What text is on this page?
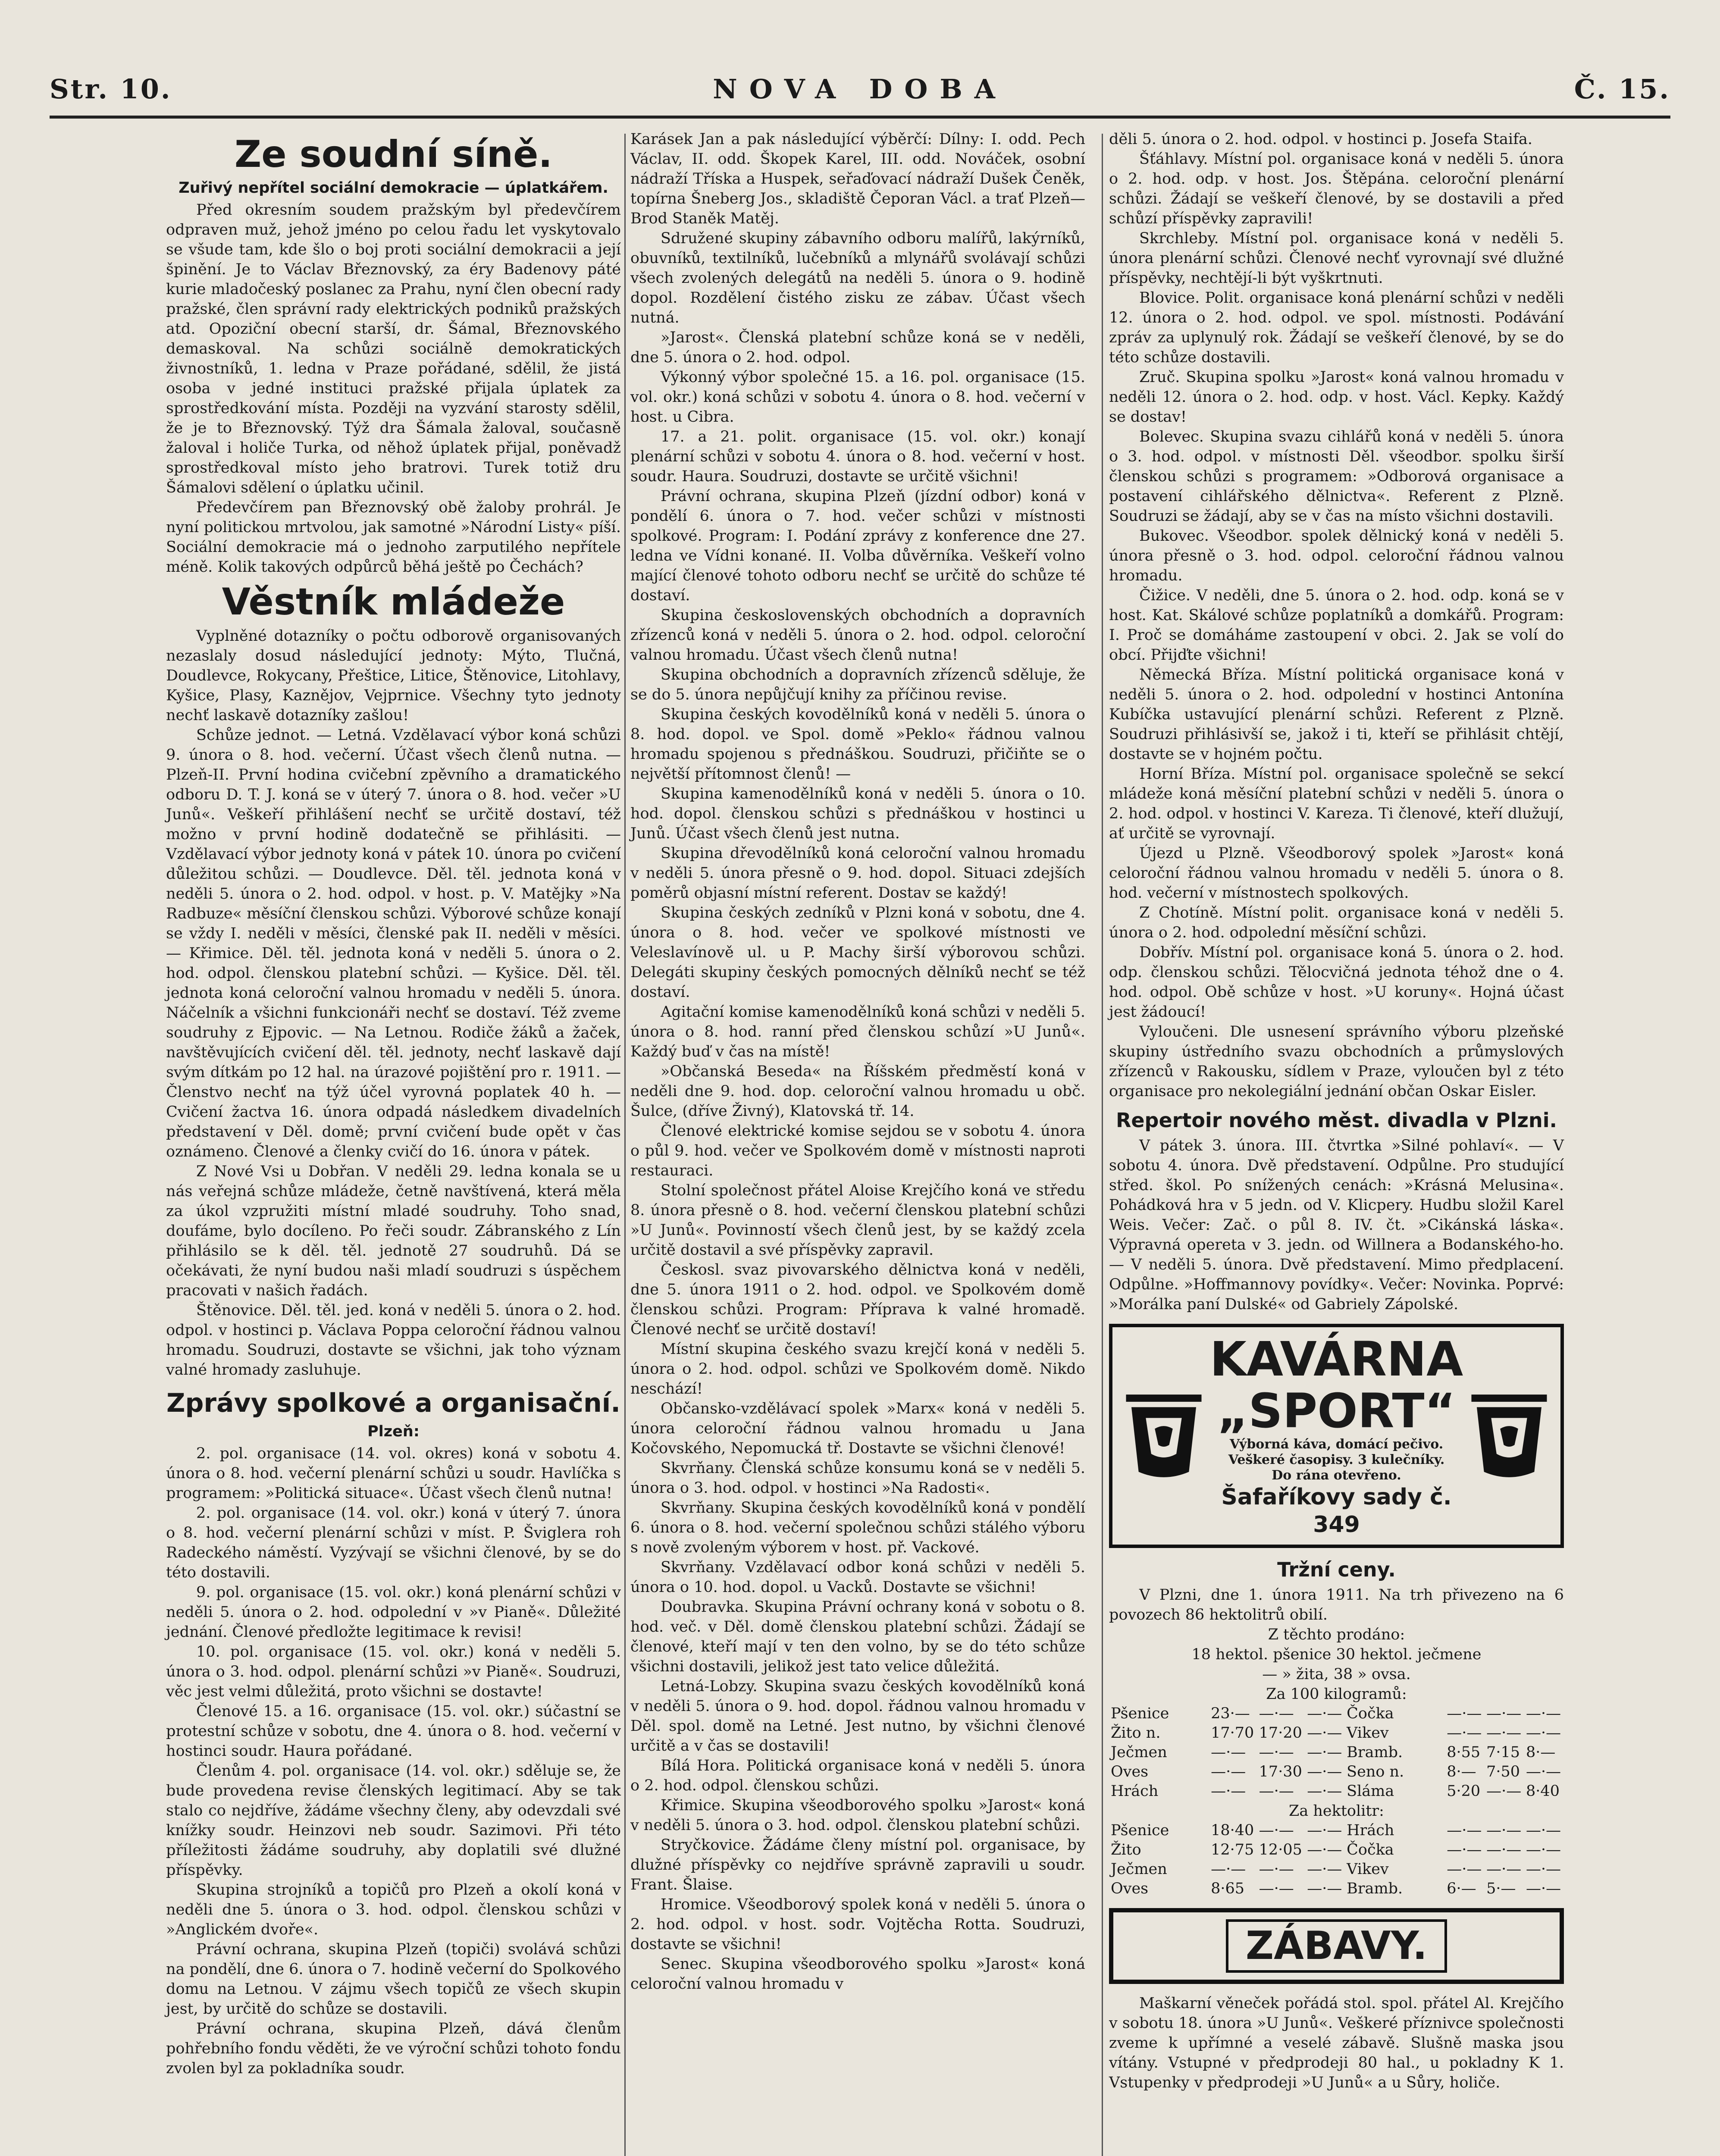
Str. 10.	NOVA DOBA	Č. 15.
Ze soudní síně.
Zuřivý nepřítel sociální demokracie — úplatkářem.

Před okresním soudem pražským byl předevčírem odpraven muž, jehož jméno po celou řadu let vyskytovalo se všude tam, kde šlo o boj proti sociální demokracii a její špinění. Je to Václav Březnovský, za éry Badenovy páté kurie mladočeský poslanec za Prahu, nyní člen obecní rady pražské, člen správní rady elektrických podniků pražských atd. Opoziční obecní starší, dr. Šámal, Březnovského demaskoval. Na schůzi sociálně demokratických živnostníků, 1. ledna v Praze pořádané, sdělil, že jistá osoba v jedné instituci pražské přijala úplatek za sprostředkování místa. Později na vyzvání starosty sdělil, že je to Březnovský. Týž dra Šámala žaloval, současně žaloval i holiče Turka, od něhož úplatek přijal, poněvadž sprostředkoval místo jeho bratrovi. Turek totiž dru Šámalovi sdělení o úplatku učinil.

Předevčírem pan Březnovský obě žaloby prohrál. Je nyní politickou mrtvolou, jak samotné »Národní Listy« píší. Sociální demokracie má o jednoho zarputilého nepřítele méně. Kolik takových odpůrců běhá ještě po Čechách?

Věstník mládeže

Vyplněné dotazníky o počtu odborově organisovaných nezaslaly dosud následující jednoty: Mýto, Tlučná, Doudlevce, Rokycany, Přeštice, Litice, Štěnovice, Litohlavy, Kyšice, Plasy, Kaznějov, Vejprnice. Všechny tyto jednoty nechť laskavě dotazníky zašlou!

Schůze jednot. — Letná. Vzdělavací výbor koná schůzi 9. února o 8. hod. večerní. Účast všech členů nutna. — Plzeň-II. První hodina cvičební zpěvního a dramatického odboru D. T. J. koná se v úterý 7. února o 8. hod. večer »U Junů«. Veškeří přihlášení nechť se určitě dostaví, též možno v první hodině dodatečně se přihlásiti. — Vzdělavací výbor jednoty koná v pátek 10. února po cvičení důležitou schůzi. — Doudlevce. Děl. těl. jednota koná v neděli 5. února o 2. hod. odpol. v host. p. V. Matějky »Na Radbuze« měsíční členskou schůzi. Výborové schůze konají se vždy I. neděli v měsíci, členské pak II. neděli v měsíci. — Křimice. Děl. těl. jednota koná v neděli 5. února o 2. hod. odpol. členskou platební schůzi. — Kyšice. Děl. těl. jednota koná celoroční valnou hromadu v neděli 5. února. Náčelník a všichni funkcionáři nechť se dostaví. Též zveme soudruhy z Ejpovic. — Na Letnou. Rodiče žáků a žaček, navštěvujících cvičení děl. těl. jednoty, nechť laskavě dají svým dítkám po 12 hal. na úrazové pojištění pro r. 1911. — Členstvo nechť na týž účel vyrovná poplatek 40 h. — Cvičení žactva 16. února odpadá následkem divadelních představení v Děl. domě; první cvičení bude opět v čas oznámeno. Členové a členky cvičí do 16. února v pátek.

Z Nové Vsi u Dobřan. V neděli 29. ledna konala se u nás veřejná schůze mládeže, četně navštívená, která měla za úkol vzpružiti místní mladé soudruhy. Toho snad, doufáme, bylo docíleno. Po řeči soudr. Zábranského z Lín přihlásilo se k děl. těl. jednotě 27 soudruhů. Dá se očekávati, že nyní budou naši mladí soudruzi s úspěchem pracovati v našich řadách.

Štěnovice. Děl. těl. jed. koná v neděli 5. února o 2. hod. odpol. v hostinci p. Václava Poppa celoroční řádnou valnou hromadu. Soudruzi, dostavte se všichni, jak toho význam valné hromady zasluhuje.

Zprávy spolkové a organisační.
Plzeň:

2. pol. organisace (14. vol. okres) koná v sobotu 4. února o 8. hod. večerní plenární schůzi u soudr. Havlíčka s programem: »Politická situace«. Účast všech členů nutna!

2. pol. organisace (14. vol. okr.) koná v úterý 7. února o 8. hod. večerní plenární schůzi v míst. P. Šviglera roh Radeckého náměstí. Vyzývají se všichni členové, by se do této dostavili.

9. pol. organisace (15. vol. okr.) koná plenární schůzi v neděli 5. února o 2. hod. odpolední v »v Pianě«. Důležité jednání. Členové předložte legitimace k revisi!

10. pol. organisace (15. vol. okr.) koná v neděli 5. února o 3. hod. odpol. plenární schůzi »v Pianě«. Soudruzi, věc jest velmi důležitá, proto všichni se dostavte!

Členové 15. a 16. organisace (15. vol. okr.) súčastní se protestní schůze v sobotu, dne 4. února o 8. hod. večerní v hostinci soudr. Haura pořádané.

Členům 4. pol. organisace (14. vol. okr.) sděluje se, že bude provedena revise členských legitimací. Aby se tak stalo co nejdříve, žádáme všechny členy, aby odevzdali své knížky soudr. Heinzovi neb soudr. Sazimovi. Při této příležitosti žádáme soudruhy, aby doplatili své dlužné příspěvky.

Skupina strojníků a topičů pro Plzeň a okolí koná v neděli dne 5. února o 3. hod. odpol. členskou schůzi v »Anglickém dvoře«.

Právní ochrana, skupina Plzeň (topiči) svolává schůzi na pondělí, dne 6. února o 7. hodině večerní do Spolkového domu na Letnou. V zájmu všech topičů ze všech skupin jest, by určitě do schůze se dostavili.

Právní ochrana, skupina Plzeň, dává členům pohřebního fondu věděti, že ve výroční schůzi tohoto fondu zvolen byl za pokladníka soudr.

Karásek Jan a pak následující výběrčí: Dílny: I. odd. Pech Václav, II. odd. Škopek Karel, III. odd. Nováček, osobní nádraží Tříska a Huspek, seřaďovací nádraží Dušek Čeněk, topírna Šneberg Jos., skladiště Čeporan Václ. a trať Plzeň—Brod Staněk Matěj.

Sdružené skupiny zábavního odboru malířů, lakýrníků, obuvníků, textilníků, lučebníků a mlynářů svolávají schůzi všech zvolených delegátů na neděli 5. února o 9. hodině dopol. Rozdělení čistého zisku ze zábav. Účast všech nutná.

»Jarost«. Členská platební schůze koná se v neděli, dne 5. února o 2. hod. odpol.

Výkonný výbor společné 15. a 16. pol. organisace (15. vol. okr.) koná schůzi v sobotu 4. února o 8. hod. večerní v host. u Cibra.

17. a 21. polit. organisace (15. vol. okr.) konají plenární schůzi v sobotu 4. února o 8. hod. večerní v host. soudr. Haura. Soudruzi, dostavte se určitě všichni!

Právní ochrana, skupina Plzeň (jízdní odbor) koná v pondělí 6. února o 7. hod. večer schůzi v místnosti spolkové. Program: I. Podání zprávy z konference dne 27. ledna ve Vídni konané. II. Volba důvěrníka. Veškeří volno mající členové tohoto odboru nechť se určitě do schůze té dostaví.

Skupina československých obchodních a dopravních zřízenců koná v neděli 5. února o 2. hod. odpol. celoroční valnou hromadu. Účast všech členů nutna!

Skupina obchodních a dopravních zřízenců sděluje, že se do 5. února nepůjčují knihy za příčinou revise.

Skupina českých kovodělníků koná v neděli 5. února o 8. hod. dopol. ve Spol. domě »Peklo« řádnou valnou hromadu spojenou s přednáškou. Soudruzi, přičiňte se o největší přítomnost členů! —

Skupina kamenodělníků koná v neděli 5. února o 10. hod. dopol. členskou schůzi s přednáškou v hostinci u Junů. Účast všech členů jest nutna.

Skupina dřevodělníků koná celoroční valnou hromadu v neděli 5. února přesně o 9. hod. dopol. Situaci zdejších poměrů objasní místní referent. Dostav se každý!

Skupina českých zedníků v Plzni koná v sobotu, dne 4. února o 8. hod. večer ve spolkové místnosti ve Veleslavínově ul. u P. Machy širší výborovou schůzi. Delegáti skupiny českých pomocných dělníků nechť se též dostaví.

Agitační komise kamenodělníků koná schůzi v neděli 5. února o 8. hod. ranní před členskou schůzí »U Junů«. Každý buď v čas na místě!

»Občanská Beseda« na Říšském předměstí koná v neděli dne 9. hod. dop. celoroční valnou hromadu u obč. Šulce, (dříve Živný), Klatovská tř. 14.

Členové elektrické komise sejdou se v sobotu 4. února o půl 9. hod. večer ve Spolkovém domě v místnosti naproti restauraci.

Stolní společnost přátel Aloise Krejčího koná ve středu 8. února přesně o 8. hod. večerní členskou platební schůzi »U Junů«. Povinností všech členů jest, by se každý zcela určitě dostavil a své příspěvky zapravil.

Českosl. svaz pivovarského dělnictva koná v neděli, dne 5. února 1911 o 2. hod. odpol. ve Spolkovém domě členskou schůzi. Program: Příprava k valné hromadě. Členové nechť se určitě dostaví!

Místní skupina českého svazu krejčí koná v neděli 5. února o 2. hod. odpol. schůzi ve Spolkovém domě. Nikdo neschází!

Občansko-vzdělávací spolek »Marx« koná v neděli 5. února celoroční řádnou valnou hromadu u Jana Kočovského, Nepomucká tř. Dostavte se všichni členové!

Skvrňany. Členská schůze konsumu koná se v neděli 5. února o 3. hod. odpol. v hostinci »Na Radosti«.

Skvrňany. Skupina českých kovodělníků koná v pondělí 6. února o 8. hod. večerní společnou schůzi stálého výboru s nově zvoleným výborem v host. př. Vackové.

Skvrňany. Vzdělavací odbor koná schůzi v neděli 5. února o 10. hod. dopol. u Vacků. Dostavte se všichni!

Doubravka. Skupina Právní ochrany koná v sobotu o 8. hod. več. v Děl. domě členskou platební schůzi. Žádají se členové, kteří mají v ten den volno, by se do této schůze všichni dostavili, jelikož jest tato velice důležitá.

Letná-Lobzy. Skupina svazu českých kovodělníků koná v neděli 5. února o 9. hod. dopol. řádnou valnou hromadu v Děl. spol. domě na Letné. Jest nutno, by všichni členové určitě a v čas se dostavili!

Bílá Hora. Politická organisace koná v neděli 5. února o 2. hod. odpol. členskou schůzi.

Křimice. Skupina všeodborového spolku »Jarost« koná v neděli 5. února o 3. hod. odpol. členskou platební schůzi.

Stryčkovice. Žádáme členy místní pol. organisace, by dlužné příspěvky co nejdříve správně zapravili u soudr. Frant. Šlaise.

Hromice. Všeodborový spolek koná v neděli 5. února o 2. hod. odpol. v host. sodr. Vojtěcha Rotta. Soudruzi, dostavte se všichni!

Senec. Skupina všeodborového spolku »Jarost« koná celoroční valnou hromadu v

děli 5. února o 2. hod. odpol. v hostinci p. Josefa Staifa.

Šťáhlavy. Místní pol. organisace koná v neděli 5. února o 2. hod. odp. v host. Jos. Štěpána. celoroční plenární schůzi. Žádají se veškeří členové, by se dostavili a před schůzí příspěvky zapravili!

Skrchleby. Místní pol. organisace koná v neděli 5. února plenární schůzi. Členové nechť vyrovnají své dlužné příspěvky, nechtějí-li být vyškrtnuti.

Blovice. Polit. organisace koná plenární schůzi v neděli 12. února o 2. hod. odpol. ve spol. místnosti. Podávání zpráv za uplynulý rok. Žádají se veškeří členové, by se do této schůze dostavili.

Zruč. Skupina spolku »Jarost« koná valnou hromadu v neděli 12. února o 2. hod. odp. v host. Václ. Kepky. Každý se dostav!

Bolevec. Skupina svazu cihlářů koná v neděli 5. února o 3. hod. odpol. v místnosti Děl. všeodbor. spolku širší členskou schůzi s programem: »Odborová organisace a postavení cihlářského dělnictva«. Referent z Plzně. Soudruzi se žádají, aby se v čas na místo všichni dostavili.

Bukovec. Všeodbor. spolek dělnický koná v neděli 5. února přesně o 3. hod. odpol. celoroční řádnou valnou hromadu.

Čižice. V neděli, dne 5. února o 2. hod. odp. koná se v host. Kat. Skálové schůze poplatníků a domkářů. Program: I. Proč se domáháme zastoupení v obci. 2. Jak se volí do obcí. Přijďte všichni!

Německá Bříza. Místní politická organisace koná v neděli 5. února o 2. hod. odpolední v hostinci Antonína Kubíčka ustavující plenární schůzi. Referent z Plzně. Soudruzi přihlásivší se, jakož i ti, kteří se přihlásit chtějí, dostavte se v hojném počtu.

Horní Bříza. Místní pol. organisace společně se sekcí mládeže koná měsíční platební schůzi v neděli 5. února o 2. hod. odpol. v hostinci V. Kareza. Ti členové, kteří dlužují, ať určitě se vyrovnají.

Újezd u Plzně. Všeodborový spolek »Jarost« koná celoroční řádnou valnou hromadu v neděli 5. února o 8. hod. večerní v místnostech spolkových.

Z Chotíně. Místní polit. organisace koná v neděli 5. února o 2. hod. odpolední měsíční schůzi.

Dobřív. Místní pol. organisace koná 5. února o 2. hod. odp. členskou schůzi. Tělocvičná jednota téhož dne o 4. hod. odpol. Obě schůze v host. »U koruny«. Hojná účast jest žádoucí!

Vyloučeni. Dle usnesení správního výboru plzeňské skupiny ústředního svazu obchodních a průmyslových zřízenců v Rakousku, sídlem v Praze, vyloučen byl z této organisace pro nekolegiální jednání občan Oskar Eisler.

Repertoir nového měst. divadla v Plzni.

V pátek 3. února. III. čtvrtka »Silné pohlaví«. — V sobotu 4. února. Dvě představení. Odpůlne. Pro studující střed. škol. Po snížených cenách: »Krásná Melusina«. Pohádková hra v 5 jedn. od V. Klicpery. Hudbu složil Karel Weis. Večer: Zač. o půl 8. IV. čt. »Cikánská láska«. Výpravná opereta v 3. jedn. od Willnera a Bodanského-ho. — V neděli 5. února. Dvě představení. Mimo předplacení. Odpůlne. »Hoffmannovy povídky«. Večer: Novinka. Poprvé: »Morálka paní Dulské« od Gabriely Zápolské.

KAVÁRNA
„SPORT“
Výborná káva, domácí pečivo.
Veškeré časopisy. 3 kulečníky.
Do rána otevřeno.
Šafaříkovy sady č. 349
Tržní ceny.

V Plzni, dne 1. února 1911. Na trh přivezeno na 6 povozech 86 hektolitrů obilí.

Z těchto prodáno:
18 hektol. pšenice 30 hektol. ječmene
— » žita, 38 » ovsa.
Za 100 kilogramů:
Pšenice	23·—	—·—	—·—	Čočka	—·—	—·—	—·—
Žito n.	17·70	17·20	—·—	Vikev	—·—	—·—	—·—
Ječmen	—·—	—·—	—·—	Bramb.	8·55	7·15	8·—
Oves	—·—	17·30	—·—	Seno n.	8·—	7·50	—·—
Hrách	—·—	—·—	—·—	Sláma	5·20	—·—	8·40
Za hektolitr:
Pšenice	18·40	—·—	—·—	Hrách	—·—	—·—	—·—
Žito	12·75	12·05	—·—	Čočka	—·—	—·—	—·—
Ječmen	—·—	—·—	—·—	Vikev	—·—	—·—	—·—
Oves	8·65	—·—	—·—	Bramb.	6·—	5·—	—·—
ZÁBAVY.

Maškarní věneček pořádá stol. spol. přátel Al. Krejčího v sobotu 18. února »U Junů«. Veškeré příznivce společnosti zveme k upřímné a veselé zábavě. Slušně maska jsou vítány. Vstupné v předprodeji 80 hal., u pokladny K 1. Vstupenky v předprodeji »U Junů« a u Sůry, holiče.
